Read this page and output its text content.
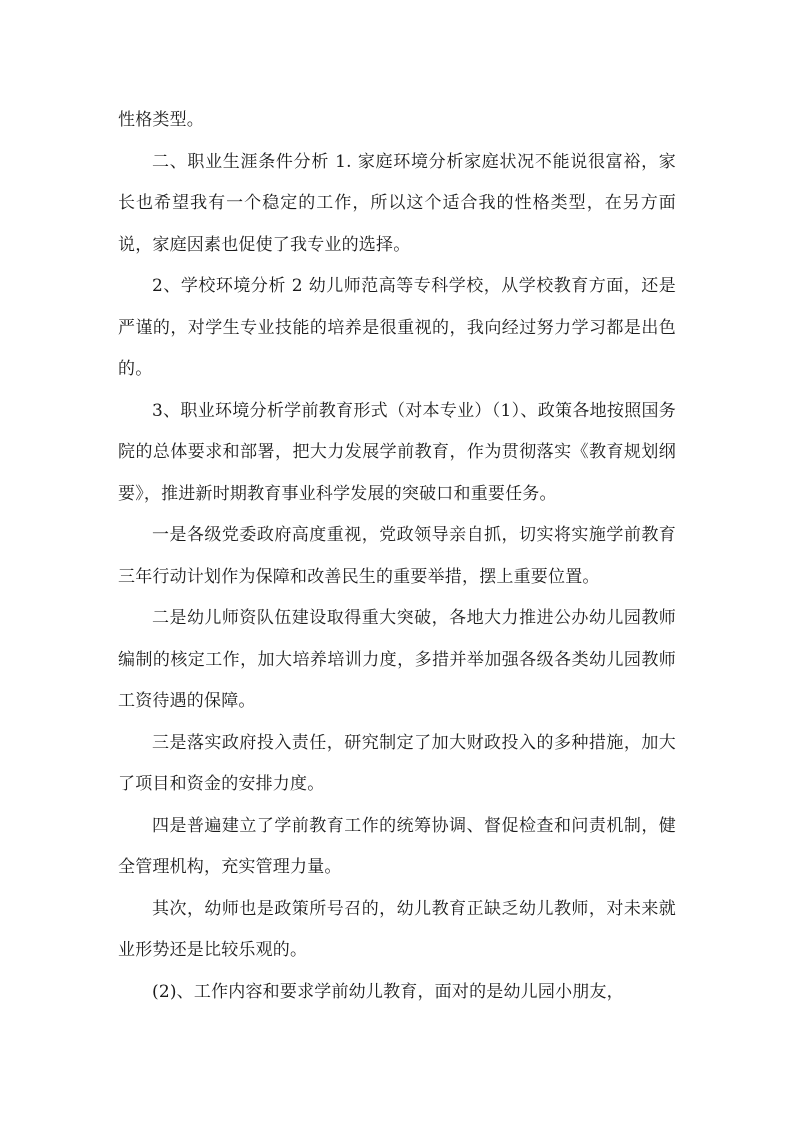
性格类型。

二、职业生涯条件分析 1. 家庭环境分析家庭状况不能说很富裕，家长也希望我有一个稳定的工作，所以这个适合我的性格类型，在另方面说，家庭因素也促使了我专业的选择。

2、学校环境分析 2 幼儿师范高等专科学校，从学校教育方面，还是严谨的，对学生专业技能的培养是很重视的，我向经过努力学习都是出色的。

3、职业环境分析学前教育形式（对本专业）（1）、政策各地按照国务院的总体要求和部署，把大力发展学前教育，作为贯彻落实《教育规划纲要》，推进新时期教育事业科学发展的突破口和重要任务。

一是各级党委政府高度重视，党政领导亲自抓，切实将实施学前教育三年行动计划作为保障和改善民生的重要举措，摆上重要位置。

二是幼儿师资队伍建设取得重大突破，各地大力推进公办幼儿园教师编制的核定工作，加大培养培训力度，多措并举加强各级各类幼儿园教师工资待遇的保障。

三是落实政府投入责任，研究制定了加大财政投入的多种措施，加大了项目和资金的安排力度。

四是普遍建立了学前教育工作的统筹协调、督促检查和问责机制，健全管理机构，充实管理力量。

其次，幼师也是政策所号召的，幼儿教育正缺乏幼儿教师，对未来就业形势还是比较乐观的。

(2)、工作内容和要求学前幼儿教育，面对的是幼儿园小朋友，
